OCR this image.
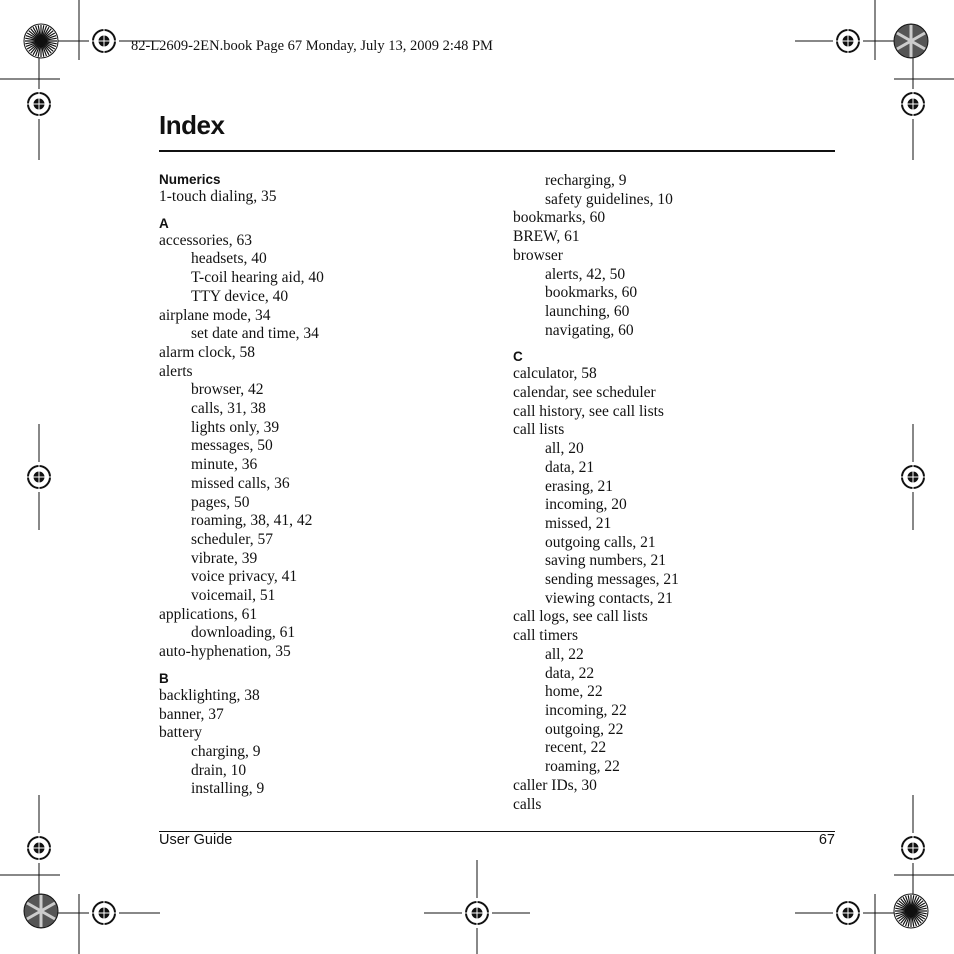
82-L2609-2EN.book Page 67 Monday, July 13, 2009 2:48 PM
Index
Numerics
1-touch dialing, 35
A
accessories, 63
headsets, 40
T-coil hearing aid, 40
TTY device, 40
airplane mode, 34
set date and time, 34
alarm clock, 58
alerts
browser, 42
calls, 31, 38
lights only, 39
messages, 50
minute, 36
missed calls, 36
pages, 50
roaming, 38, 41, 42
scheduler, 57
vibrate, 39
voice privacy, 41
voicemail, 51
applications, 61
downloading, 61
auto-hyphenation, 35
B
backlighting, 38
banner, 37
battery
charging, 9
drain, 10
installing, 9
recharging, 9
safety guidelines, 10
bookmarks, 60
BREW, 61
browser
alerts, 42, 50
bookmarks, 60
launching, 60
navigating, 60
C
calculator, 58
calendar, see scheduler
call history, see call lists
call lists
all, 20
data, 21
erasing, 21
incoming, 20
missed, 21
outgoing calls, 21
saving numbers, 21
sending messages, 21
viewing contacts, 21
call logs, see call lists
call timers
all, 22
data, 22
home, 22
incoming, 22
outgoing, 22
recent, 22
roaming, 22
caller IDs, 30
calls
User Guide	67
